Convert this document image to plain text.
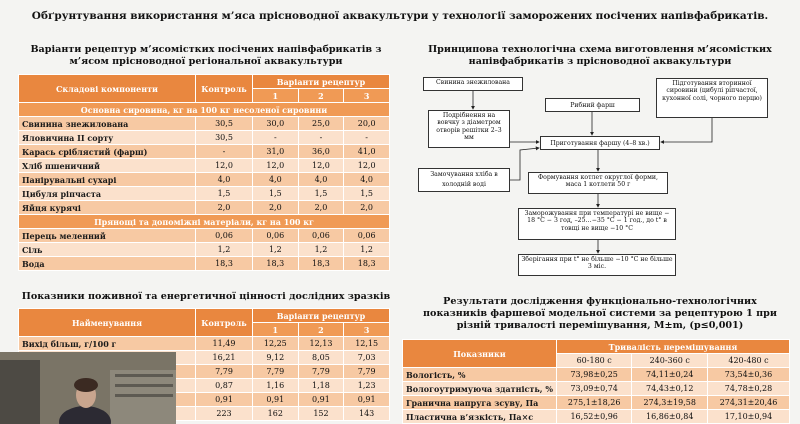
Обґрунтування використання м’яса прісноводної аквакультури у технології заморожених посічених напівфабрикатів.
Варіанти рецептур м’ясомістких посічених напівфабрикатів з м’ясом прісноводної регіональної аквакультури
Складові компоненти	Контроль	Варіанти рецептур		
		1	2	3
Основна сировина, кг на 100 кг несоленої сировини				
Свинина знежилована	30,5	30,0	25,0	20,0
Яловичина II сорту	30,5	-	-	-
Карась сріблястий (фарш)	-	31,0	36,0	41,0
Хліб пшеничний	12,0	12,0	12,0	12,0
Панірувальні сухарі	4,0	4,0	4,0	4,0
Цибуля ріпчаста	1,5	1,5	1,5	1,5
Яйця курячі	2,0	2,0	2,0	2,0
Прянощі та допоміжні матеріали, кг на 100 кг				
Перець меленний	0,06	0,06	0,06	0,06
Сіль	1,2	1,2	1,2	1,2
Вода	18,3	18,3	18,3	18,3
Показники поживної та енергетичної цінності дослідних зразків
Найменування	Контроль	Варіанти рецептур		
		1	2	3
Вихід більш, г/100 г	11,49	12,25	12,13	12,15
	16,21	9,12	8,05	7,03
	7,79	7,79	7,79	7,79
	0,87	1,16	1,18	1,23
	0,91	0,91	0,91	0,91
	223	162	152	143
Принципова технологічна схема виготовлення м’ясомістких напівфабрикатів з прісноводної аквакультури
Свинина знежилована
Рибний фарш
Підготування вторинної сировини (цибулі ріпчастої, кухонної солі, чорного перцю)
Подрібнення на вовчку з діаметром отворів решітки 2–3 мм
Приготування фаршу (4–8 хв.)
Замочування хліба в холодній воді
Формування котлет округлої форми, маса 1 котлети 50 г
Заморожування при температурі не вище − 18 °С − 3 год, –25…−35 °С − 1 год., до t° в товщі не вище −10 °С
Зберігання при t° не більше −10 °С не більше 3 міс.
Результати дослідження функціонально-технологічних показників фаршевої модельної системи за рецептурою 1 при різній тривалості перемішування, M±m, (p≤0,001)
Показники	Тривалість перемішування		
	60-180 с	240-360 с	420-480 с
Вологість, %	73,98±0,25	74,11±0,24	73,54±0,36
Вологоутримуюча здатність, %	73,09±0,74	74,43±0,12	74,78±0,28
Гранична напруга зсуву, Па	275,1±18,26	274,3±19,58	274,31±20,46
Пластична в’язкість, Па×с	16,52±0,96	16,86±0,84	17,10±0,94
